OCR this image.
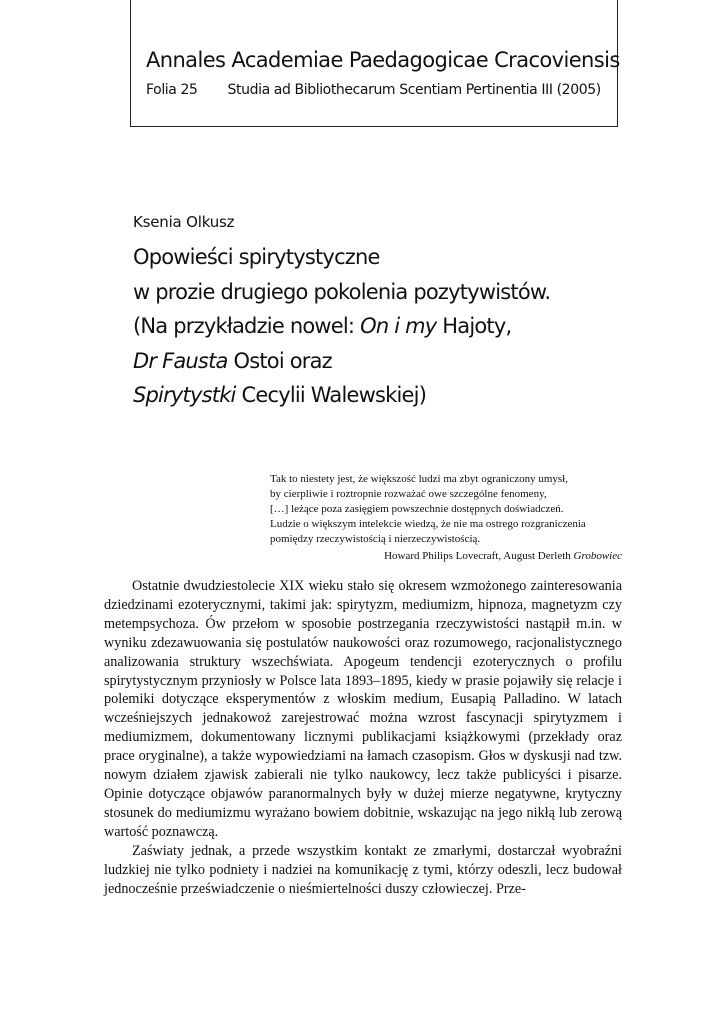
Annales Academiae Paedagogicae Cracoviensis
Folia 25 Studia ad Bibliothecarum Scentiam Pertinentia III (2005)
Ksenia Olkusz
Opowieści spirytystyczne
w prozie drugiego pokolenia pozytywistów.
(Na przykładzie nowel: On i my Hajoty,
Dr Fausta Ostoi oraz
Spirytystki Cecylii Walewskiej)
Tak to niestety jest, że większość ludzi ma zbyt ograniczony umysł,
by cierpliwie i roztropnie rozważać owe szczególne fenomeny,
[…] leżące poza zasięgiem powszechnie dostępnych doświadczeń.
Ludzie o większym intelekcie wiedzą, że nie ma ostrego rozgraniczenia
pomiędzy rzeczywistością i nierzeczywistością.
Howard Philips Lovecraft, August Derleth Grobowiec

Ostatnie dwudziestolecie XIX wieku stało się okresem wzmożonego zainteresowania dziedzinami ezoterycznymi, takimi jak: spirytyzm, mediumizm, hipnoza, magnetyzm czy metempsychoza. Ów przełom w sposobie postrzegania rzeczywistości nastąpił m.in. w wyniku zdezawuowania się postulatów naukowości oraz rozumowego, racjonalistycznego analizowania struktury wszechświata. Apogeum tendencji ezoterycznych o profilu spirytystycznym przyniosły w Polsce lata 1893–1895, kiedy w prasie pojawiły się relacje i polemiki dotyczące eksperymentów z włoskim medium, Eusapią Palladino. W latach wcześniejszych jednakowoż zarejestrować można wzrost fascynacji spirytyzmem i mediumizmem, dokumentowany licznymi publikacjami książkowymi (przekłady oraz prace oryginalne), a także wypowiedziami na łamach czasopism. Głos w dyskusji nad tzw. nowym działem zjawisk zabierali nie tylko naukowcy, lecz także publicyści i pisarze. Opinie dotyczące objawów paranormalnych były w dużej mierze negatywne, krytyczny stosunek do mediumizmu wyrażano bowiem dobitnie, wskazując na jego nikłą lub zerową wartość poznawczą.

Zaświaty jednak, a przede wszystkim kontakt ze zmarłymi, dostarczał wyobraźni ludzkiej nie tylko podniety i nadziei na komunikację z tymi, którzy odeszli, lecz budował jednocześnie przeświadczenie o nieśmiertelności duszy człowieczej. Prze-
